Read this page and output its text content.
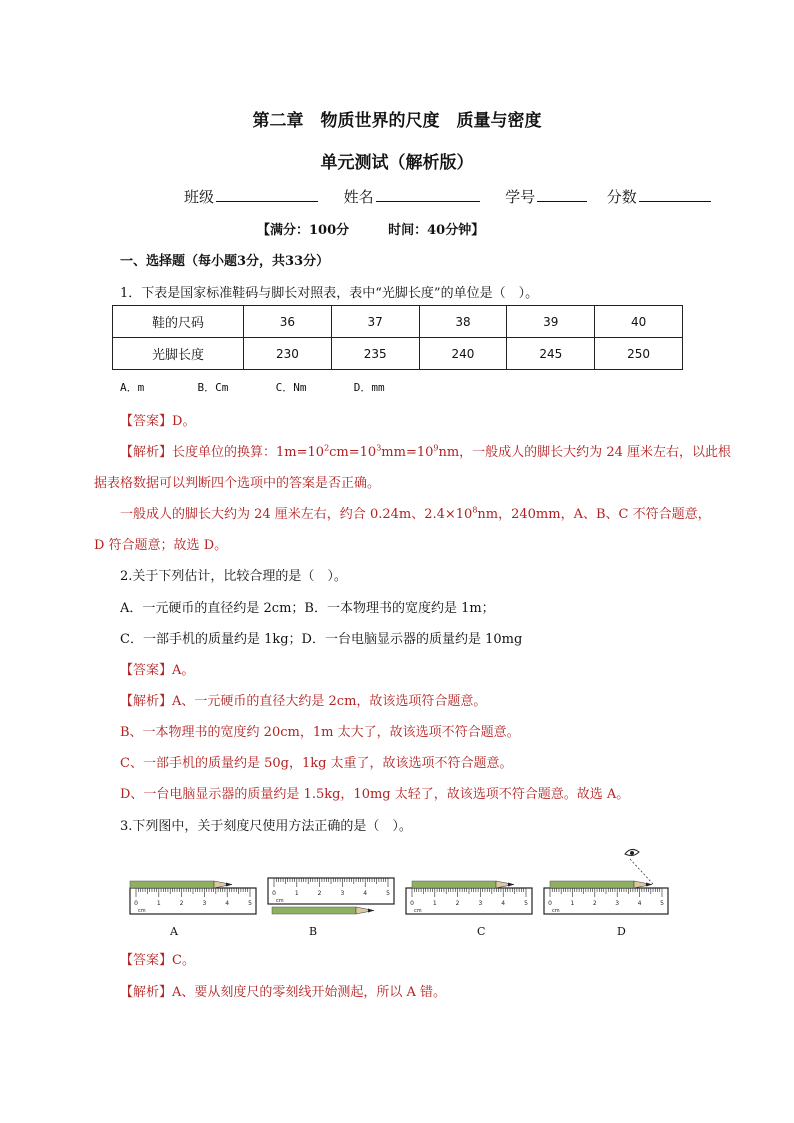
第二章　物质世界的尺度　质量与密度
单元测试（解析版）
班级	姓名	学号	分数
【满分：100分　　　时间：40分钟】
一、选择题（每小题3分，共33分）
1．下表是国家标准鞋码与脚长对照表，表中“光脚长度”的单位是（　）。
鞋的尺码	36	37	38	39	40
光脚长度	230	235	240	245	250
A．m	B．Cm	C．Nm	D．mm
【答案】D。
【解析】长度单位的换算：$1m=10^2cm=10^3mm=10^9nm$，一般成人的脚长大约为 24 厘米左右，以此根
据表格数据可以判断四个选项中的答案是否正确。
一般成人的脚长大约为 24 厘米左右，约合 0.24m、$2.4\times 10^8nm$，240mm，A、B、C 不符合题意，
D 符合题意；故选 D。
2.关于下列估计，比较合理的是（　）。
A．一元硬币的直径约是 2cm；B．一本物理书的宽度约是 1m；
C．一部手机的质量约是 1kg；D．一台电脑显示器的质量约是 10mg
【答案】A。
【解析】A、一元硬币的直径大约是 2cm，故该选项符合题意。
B、一本物理书的宽度约 20cm，1m 太大了，故该选项不符合题意。
C、一部手机的质量约是 50g，1kg 太重了，故该选项不符合题意。
D、一台电脑显示器的质量约是 1.5kg，10mg 太轻了，故该选项不符合题意。故选 A。
3.下列图中，关于刻度尺使用方法正确的是（　）。
0	1	2	3	4	5
cm
0	1	2	3	4	5
cm	0	1	2	3	4	5
cm
0	1	2	3	4	5
cm
A	B	C	D
【答案】C。
【解析】A、要从刻度尺的零刻线开始测起，所以 A 错。
